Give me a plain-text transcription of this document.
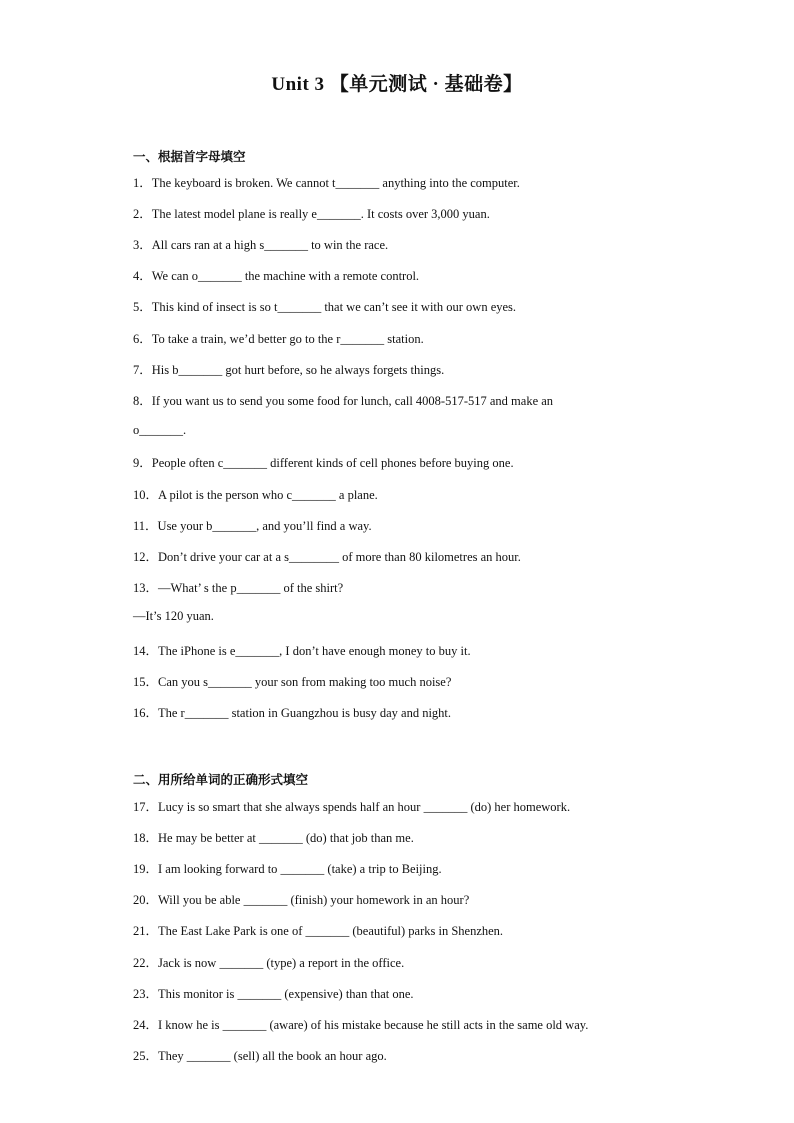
Unit 3 【单元测试 · 基础卷】
一、根据首字母填空
1．The keyboard is broken. We cannot t_______ anything into the computer.
2．The latest model plane is really e_______. It costs over 3,000 yuan.
3．All cars ran at a high s_______ to win the race.
4．We can o_______ the machine with a remote control.
5．This kind of insect is so t_______ that we can’t see it with our own eyes.
6．To take a train, we’d better go to the r_______ station.
7．His b_______ got hurt before, so he always forgets things.
8．If you want us to send you some food for lunch, call 4008-517-517 and make an
o_______.
9．People often c_______ different kinds of cell phones before buying one.
10．A pilot is the person who c_______ a plane.
11．Use your b_______, and you’ll find a way.
12．Don’t drive your car at a s________ of more than 80 kilometres an hour.
13．—What’ s the p_______ of the shirt?
—It’s 120 yuan.
14．The iPhone is e_______, I don’t have enough money to buy it.
15．Can you s_______ your son from making too much noise?
16．The r_______ station in Guangzhou is busy day and night.
二、用所给单词的正确形式填空
17．Lucy is so smart that she always spends half an hour _______ (do) her homework.
18．He may be better at _______ (do) that job than me.
19．I am looking forward to _______ (take) a trip to Beijing.
20．Will you be able _______ (finish) your homework in an hour?
21．The East Lake Park is one of _______ (beautiful) parks in Shenzhen.
22．Jack is now _______ (type) a report in the office.
23．This monitor is _______ (expensive) than that one.
24．I know he is _______ (aware) of his mistake because he still acts in the same old way.
25．They _______ (sell) all the book an hour ago.
